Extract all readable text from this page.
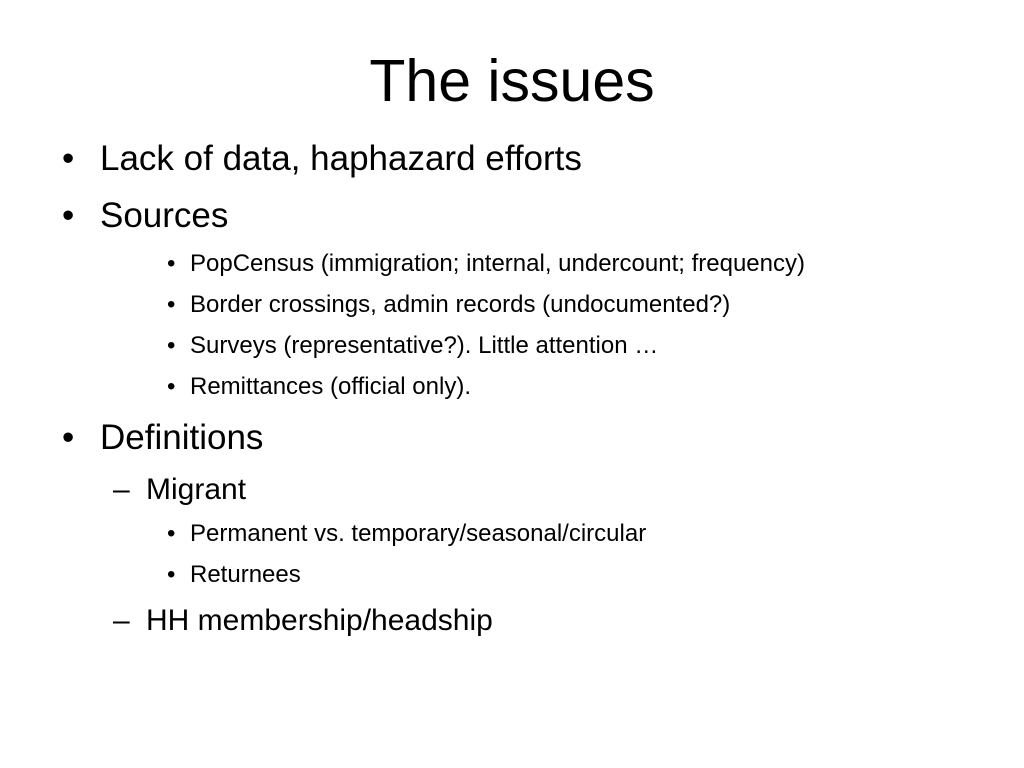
The issues
• Lack of data, haphazard efforts
• Sources
• PopCensus (immigration; internal, undercount; frequency)
• Border crossings, admin records (undocumented?)
• Surveys (representative?). Little attention …
• Remittances (official only).
• Definitions
– Migrant
• Permanent vs. temporary/seasonal/circular
• Returnees
– HH membership/headship
